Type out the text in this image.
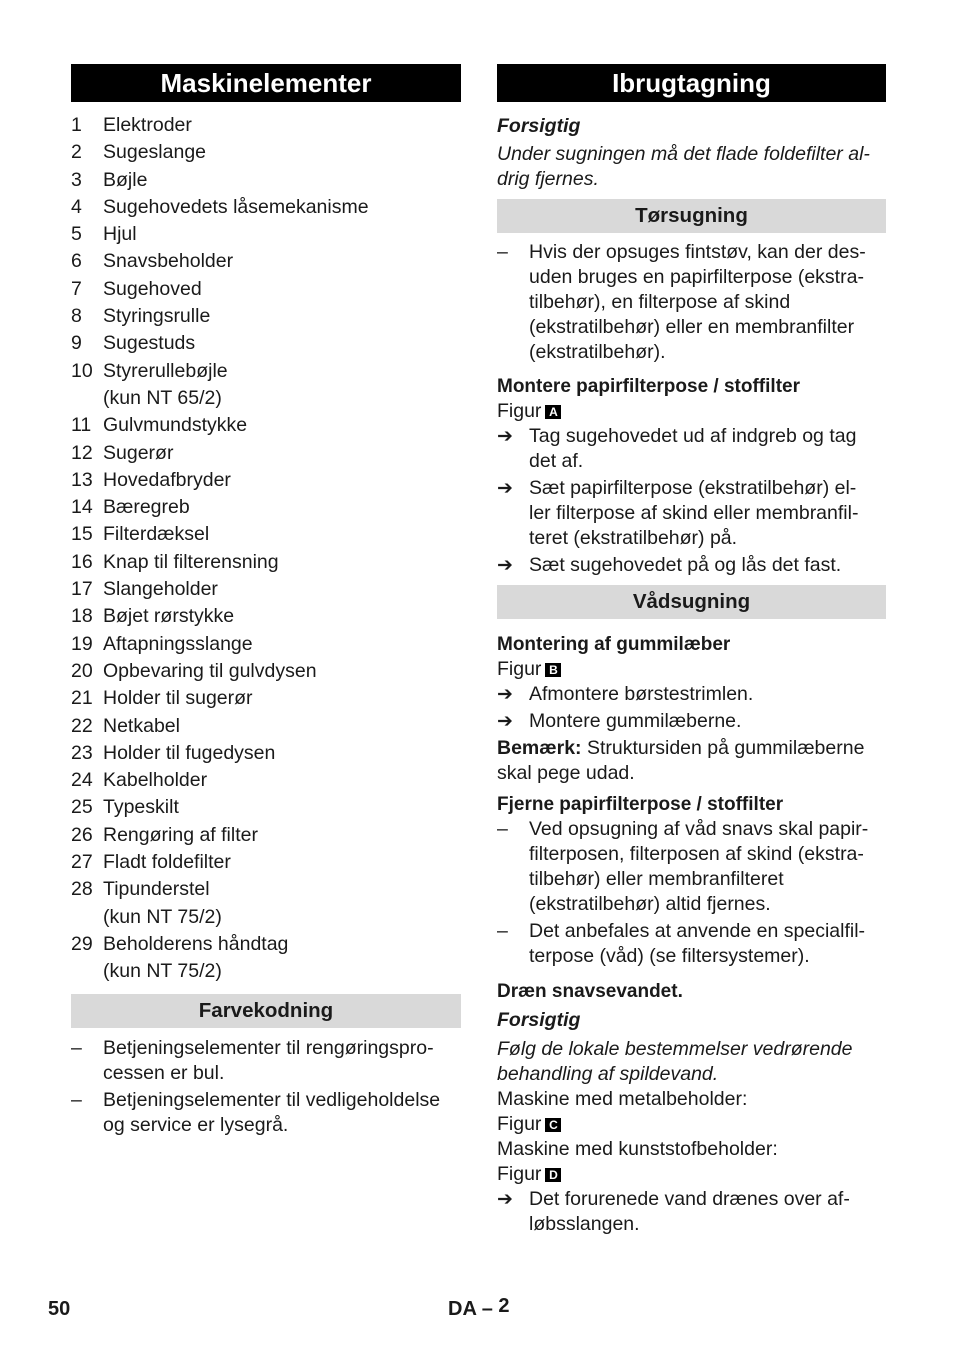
Maskinelementer
1	Elektroder
2	Sugeslange
3	Bøjle
4	Sugehovedets låsemekanisme
5	Hjul
6	Snavsbeholder
7	Sugehoved
8	Styringsrulle
9	Sugestuds
10 Styrerullebøjle
(kun NT 65/2)
11 Gulvmundstykke
12 Sugerør
13 Hovedafbryder
14 Bæregreb
15 Filterdæksel
16 Knap til filterensning
17 Slangeholder
18 Bøjet rørstykke
19 Aftapningsslange
20 Opbevaring til gulvdysen
21 Holder til sugerør
22 Netkabel
23 Holder til fugedysen
24 Kabelholder
25 Typeskilt
26 Rengøring af filter
27 Fladt foldefilter
28 Tipunderstel
(kun NT 75/2)
29 Beholderens håndtag
(kun NT 75/2)
Farvekodning
–	Betjeningselementer til rengøringspro-
cessen er bul.
–	Betjeningselementer til vedligeholdelse
og service er lysegrå.
Ibrugtagning
Forsigtig
Under sugningen må det flade foldefilter al-
drig fjernes.
Tørsugning
–	Hvis der opsuges fintstøv, kan der des-
uden bruges en papirfilterpose (ekstra-
tilbehør), en filterpose af skind
(ekstratilbehør) eller en membranfilter
(ekstratilbehør).
Montere papirfilterpose / stoffilter
Figur A
➔ Tag sugehovedet ud af indgreb og tag
det af.
➔ Sæt papirfilterpose (ekstratilbehør) el-
ler filterpose af skind eller membranfil-
teret (ekstratilbehør) på.
➔ Sæt sugehovedet på og lås det fast.
Vådsugning
Montering af gummilæber
Figur B
➔ Afmontere børstestrimlen.
➔ Montere gummilæberne.
Bemærk: Struktursiden på gummilæberne
skal pege udad.
Fjerne papirfilterpose / stoffilter
–	Ved opsugning af våd snavs skal papir-
filterposen, filterposen af skind (ekstra-
tilbehør) eller membranfilteret
(ekstratilbehør) altid fjernes.
–	Det anbefales at anvende en specialfil-
terpose (våd) (se filtersystemer).
Dræn snavsevandet.
Forsigtig
Følg de lokale bestemmelser vedrørende
behandling af spildevand.
Maskine med metalbeholder:
Figur C
Maskine med kunststofbeholder:
Figur D
➔ Det forurenede vand drænes over af-
løbsslangen.
50	DA – 2
